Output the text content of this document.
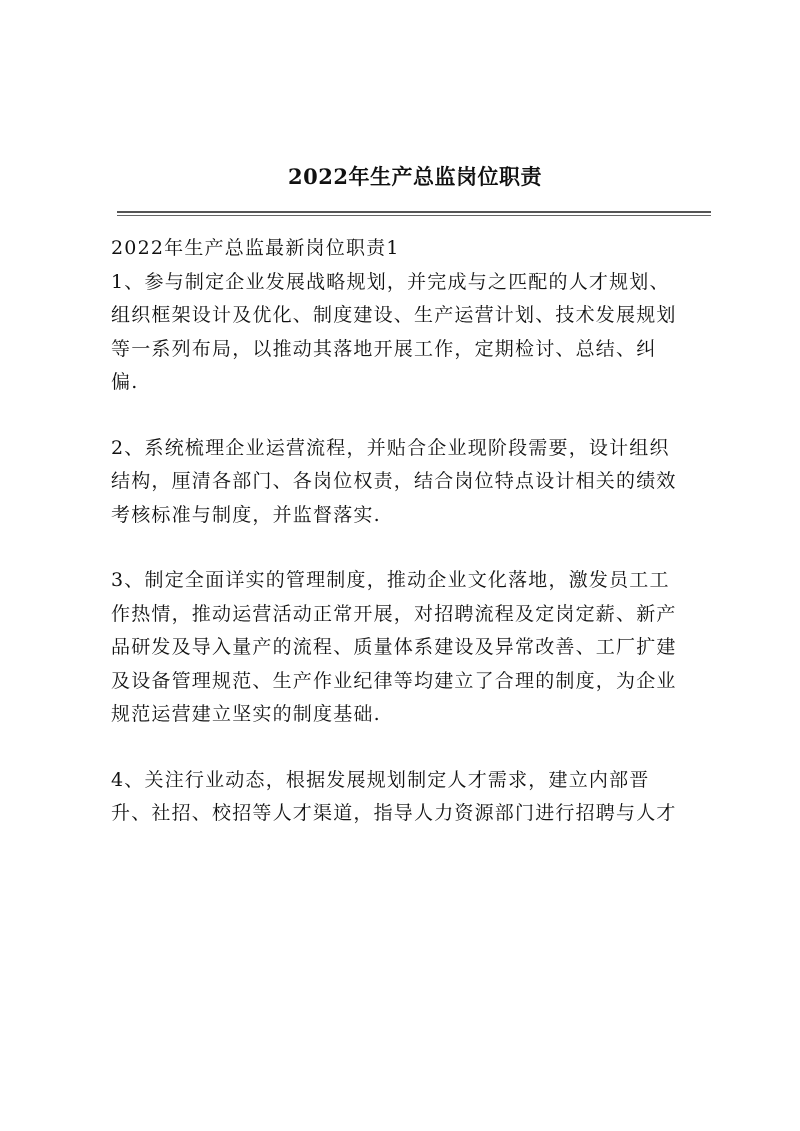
2022年生产总监岗位职责

2022年生产总监最新岗位职责1

1、参与制定企业发展战略规划，并完成与之匹配的人才规划、
组织框架设计及优化、制度建设、生产运营计划、技术发展规划
等一系列布局，以推动其落地开展工作，定期检讨、总结、纠
偏.
2、系统梳理企业运营流程，并贴合企业现阶段需要，设计组织
结构，厘清各部门、各岗位权责，结合岗位特点设计相关的绩效
考核标准与制度，并监督落实.
3、制定全面详实的管理制度，推动企业文化落地，激发员工工
作热情，推动运营活动正常开展，对招聘流程及定岗定薪、新产
品研发及导入量产的流程、质量体系建设及异常改善、工厂扩建
及设备管理规范、生产作业纪律等均建立了合理的制度，为企业
规范运营建立坚实的制度基础.
4、关注行业动态，根据发展规划制定人才需求，建立内部晋
升、社招、校招等人才渠道，指导人力资源部门进行招聘与人才
